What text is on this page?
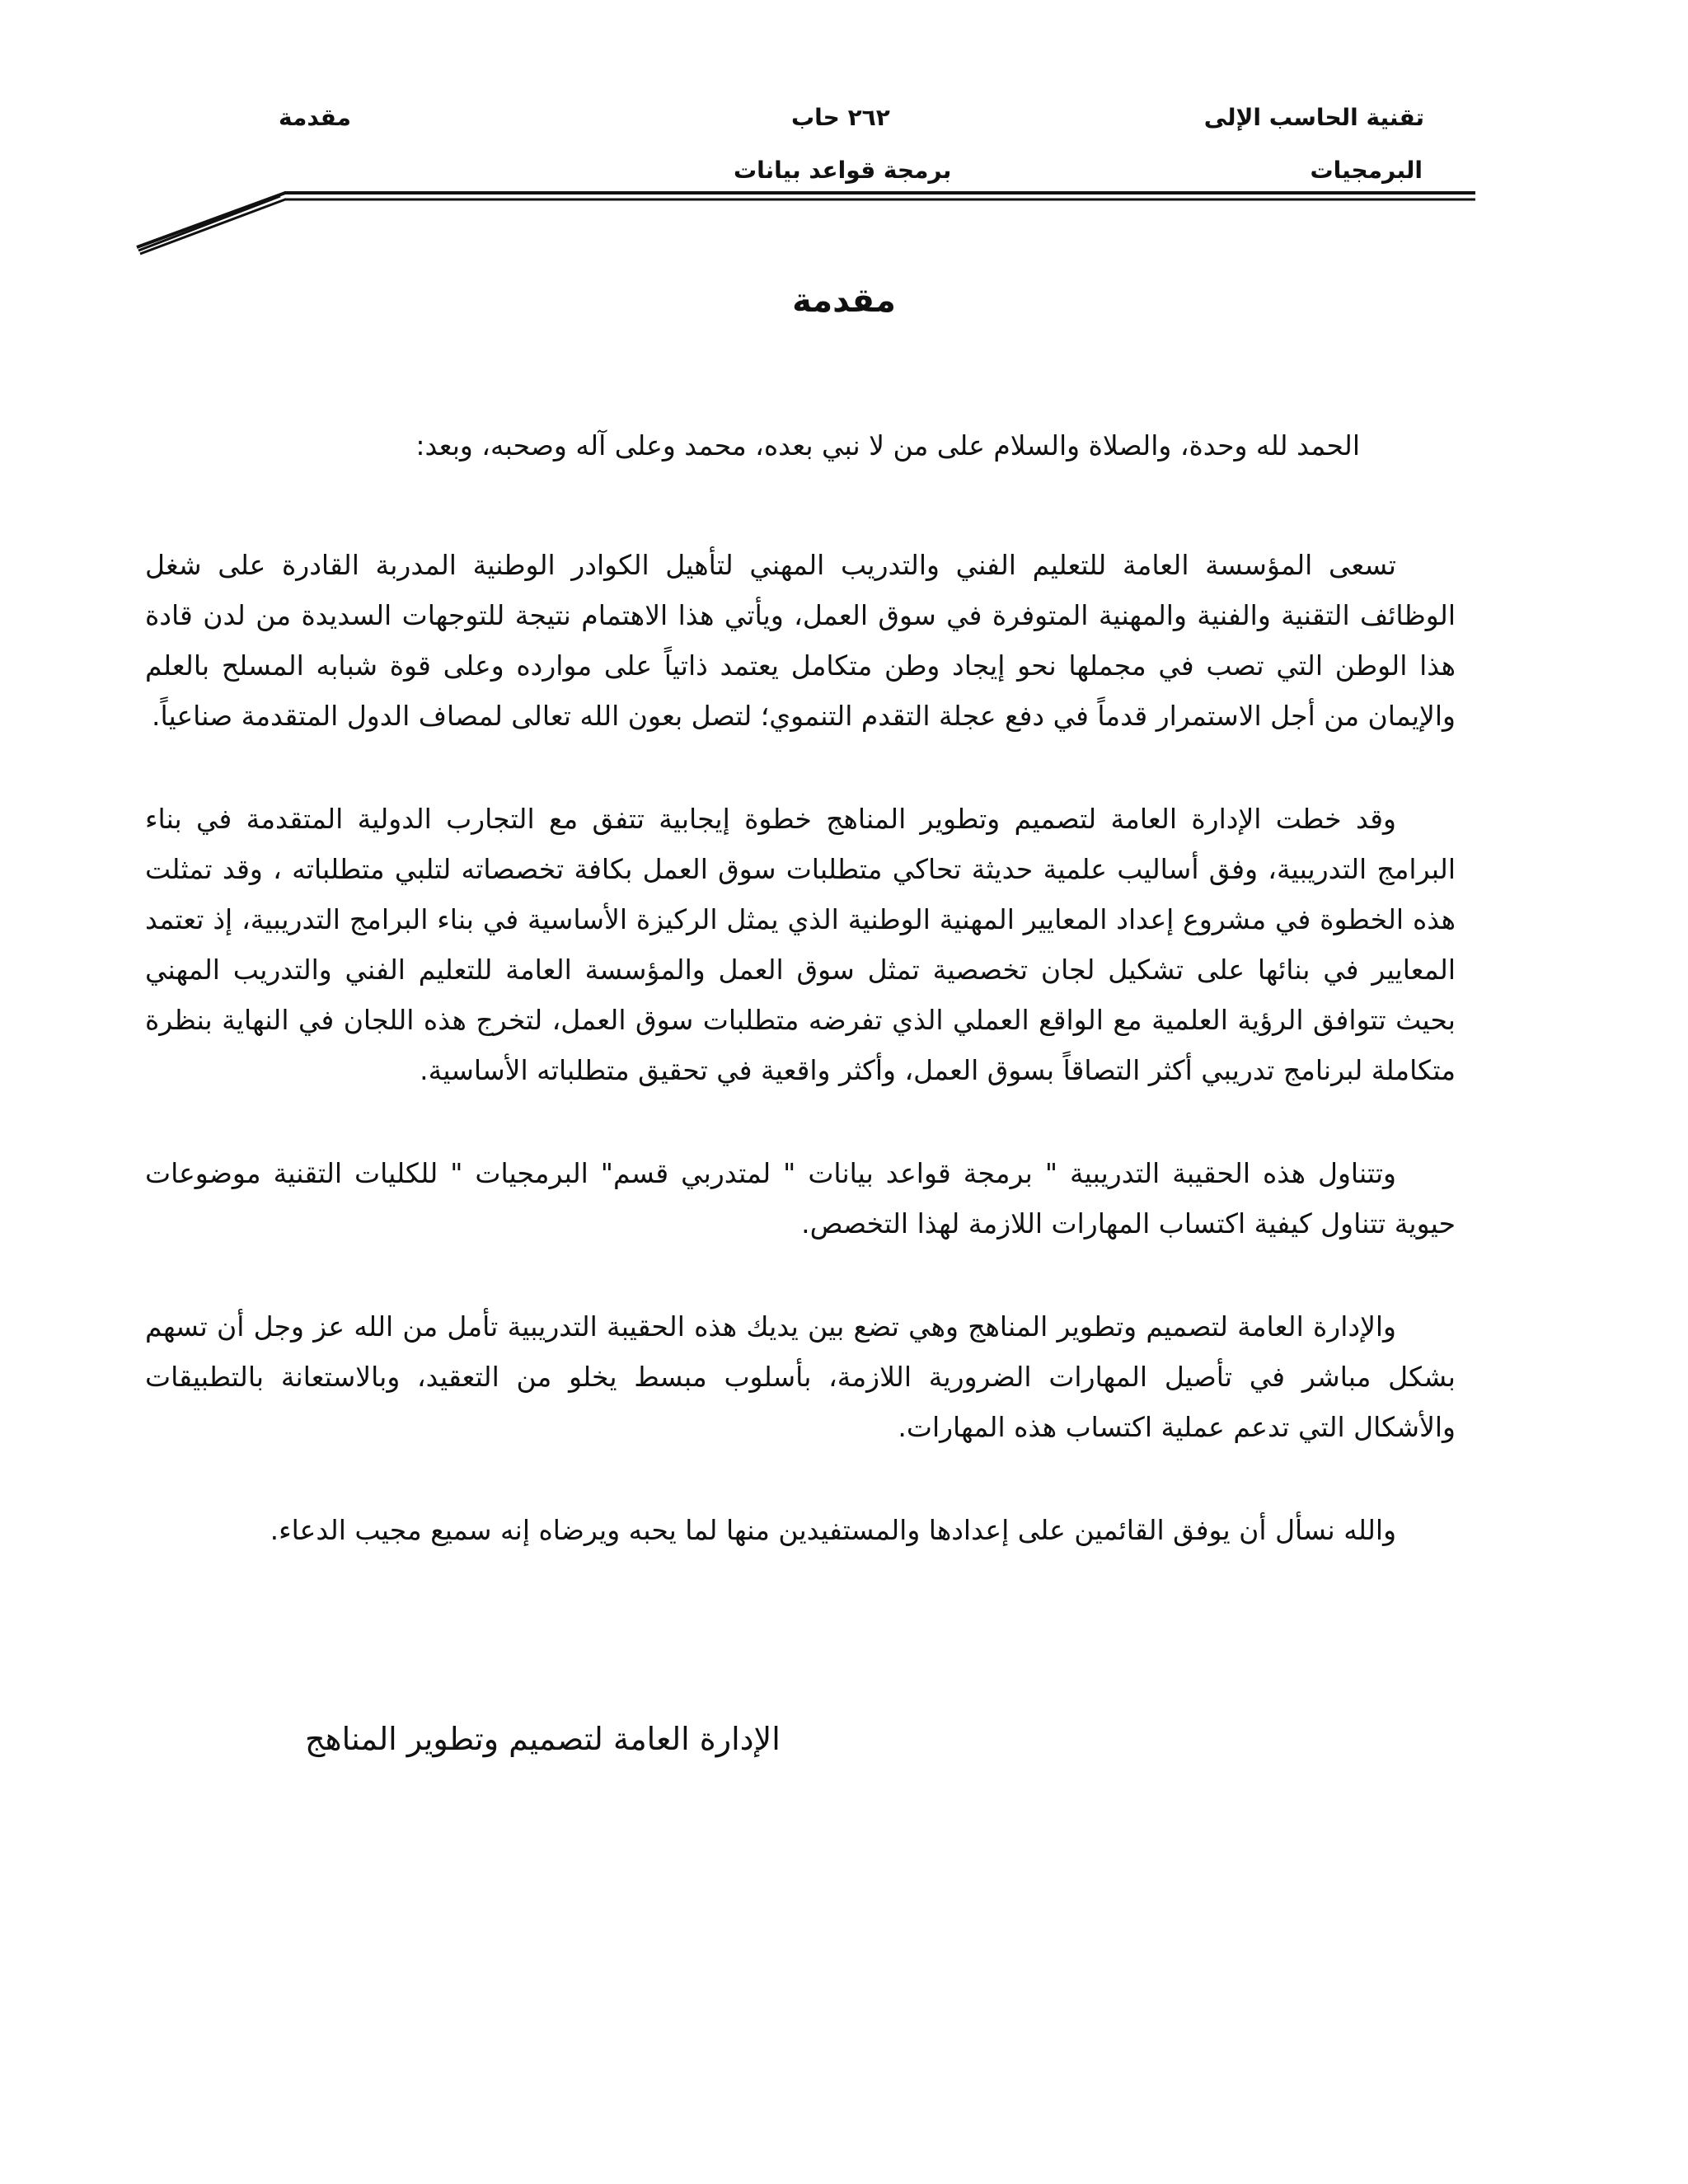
تقنية الحاسب الإلى
البرمجيات
٢٦٢ حاب
برمجة قواعد بيانات
مقدمة
مقدمة

الحمد لله وحدة، والصلاة والسلام على من لا نبي بعده، محمد وعلى آله وصحبه، وبعد:

تسعى المؤسسة العامة للتعليم الفني والتدريب المهني لتأهيل الكوادر الوطنية المدربة القادرة على شغل الوظائف التقنية والفنية والمهنية المتوفرة في سوق العمل، ويأتي هذا الاهتمام نتيجة للتوجهات السديدة من لدن قادة هذا الوطن التي تصب في مجملها نحو إيجاد وطن متكامل يعتمد ذاتياً على موارده وعلى قوة شبابه المسلح بالعلم والإيمان من أجل الاستمرار قدماً في دفع عجلة التقدم التنموي؛ لتصل بعون الله تعالى لمصاف الدول المتقدمة صناعياً.

وقد خطت الإدارة العامة لتصميم وتطوير المناهج خطوة إيجابية تتفق مع التجارب الدولية المتقدمة في بناء البرامج التدريبية، وفق أساليب علمية حديثة تحاكي متطلبات سوق العمل بكافة تخصصاته لتلبي متطلباته ، وقد تمثلت هذه الخطوة في مشروع إعداد المعايير المهنية الوطنية الذي يمثل الركيزة الأساسية في بناء البرامج التدريبية، إذ تعتمد المعايير في بنائها على تشكيل لجان تخصصية تمثل سوق العمل والمؤسسة العامة للتعليم الفني والتدريب المهني بحيث تتوافق الرؤية العلمية مع الواقع العملي الذي تفرضه متطلبات سوق العمل، لتخرج هذه اللجان في النهاية بنظرة متكاملة لبرنامج تدريبي أكثر التصاقاً بسوق العمل، وأكثر واقعية في تحقيق متطلباته الأساسية.

وتتناول هذه الحقيبة التدريبية " برمجة قواعد بيانات " لمتدربي قسم" البرمجيات " للكليات التقنية موضوعات حيوية تتناول كيفية اكتساب المهارات اللازمة لهذا التخصص.

والإدارة العامة لتصميم وتطوير المناهج وهي تضع بين يديك هذه الحقيبة التدريبية تأمل من الله عز وجل أن تسهم بشكل مباشر في تأصيل المهارات الضرورية اللازمة، بأسلوب مبسط يخلو من التعقيد، وبالاستعانة بالتطبيقات والأشكال التي تدعم عملية اكتساب هذه المهارات.

والله نسأل أن يوفق القائمين على إعدادها والمستفيدين منها لما يحبه ويرضاه إنه سميع مجيب الدعاء.

الإدارة العامة لتصميم وتطوير المناهج
